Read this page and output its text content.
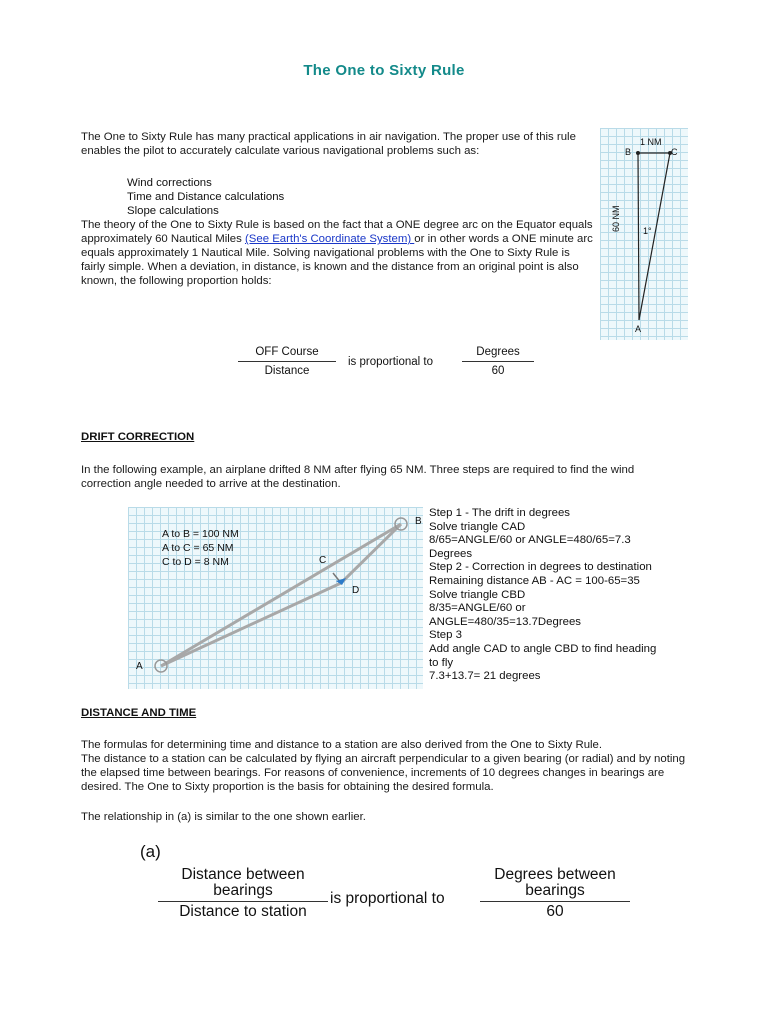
The One to Sixty Rule
The One to Sixty Rule has many practical applications in air navigation. The proper use of this rule enables the pilot to accurately calculate various navigational problems such as:
Wind corrections
Time and Distance calculations
Slope calculations
The theory of the One to Sixty Rule is based on the fact that a ONE degree arc on the Equator equals approximately 60 Nautical Miles (See Earth's Coordinate System) or in other words a ONE minute arc equals approximately 1 Nautical Mile. Solving navigational problems with the One to Sixty Rule is fairly simple. When a deviation, in distance, is known and the distance from an original point is also known, the following proportion holds:
1 NM
B	C
60 NM 1°
A
OFF Course
Distance
is proportional to
Degrees
60
DRIFT CORRECTION
In the following example, an airplane drifted 8 NM after flying 65 NM. Three steps are required to find the wind correction angle needed to arrive at the destination.
A to B = 100 NM
A to C = 65 NM
C to D = 8 NM
A
B
C
D
Step 1 - The drift in degrees
Solve triangle CAD
8/65=ANGLE/60 or ANGLE=480/65=7.3
Degrees
Step 2 - Correction in degrees to destination
Remaining distance AB - AC = 100-65=35
Solve triangle CBD
8/35=ANGLE/60 or
ANGLE=480/35=13.7Degrees
Step 3
Add angle CAD to angle CBD to find heading
to fly
7.3+13.7= 21 degrees
DISTANCE AND TIME
The formulas for determining time and distance to a station are also derived from the One to Sixty Rule.
The distance to a station can be calculated by flying an aircraft perpendicular to a given bearing (or radial) and by noting the elapsed time between bearings. For reasons of convenience, increments of 10 degrees changes in bearings are desired. The One to Sixty proportion is the basis for obtaining the desired formula.
The relationship in (a) is similar to the one shown earlier.
(a)
Distance between
bearings
Distance to station
is proportional to
Degrees between
bearings
60
